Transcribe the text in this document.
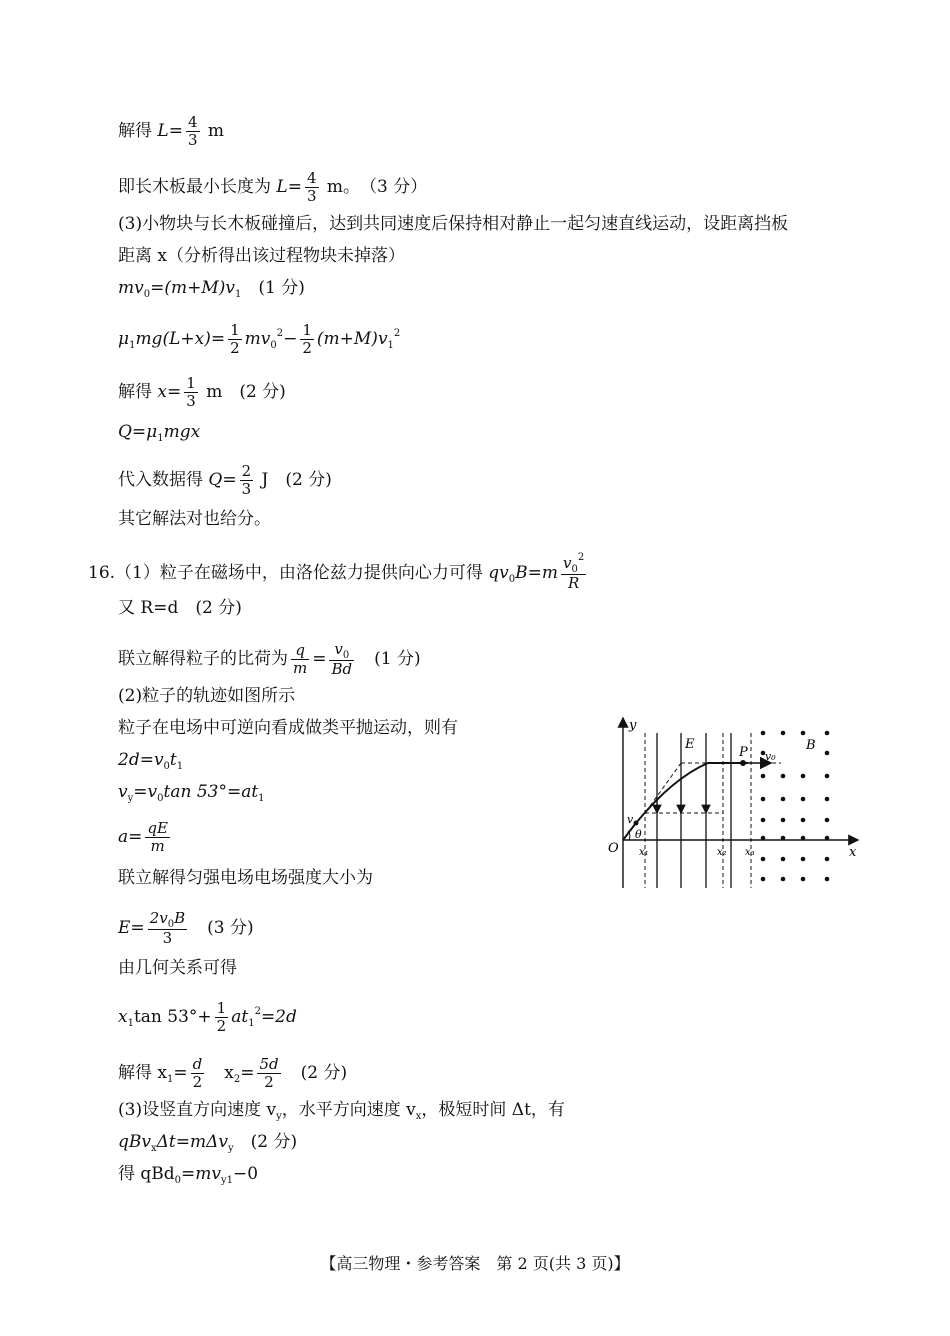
解得 $L= \frac{4}{3}$ m
即长木板最小长度为 $L= \frac{4}{3}$ m。　（3 分）
(3)小物块与长木板碰撞后，达到共同速度后保持相对静止一起匀速直线运动，设距离挡板
距离 x（分析得出该过程物块未掉落）
$mv_0=(m+M)v_1$　(1 分)
$\mu_1mg(L+x)= \frac{1}{2} mv_0^2- \frac{1}{2} (m+M)v_1^2$
解得 $x= \frac{1}{3}$ m　(2 分)
$Q=\mu_1mgx$
代入数据得 $Q= \frac{2}{3}$ J　(2 分)
其它解法对也给分。
16.（1）粒子在磁场中，由洛伦兹力提供向心力可得 $qv_0B=m \frac{v_0^2}{R}$
又 R=d　(2 分)
联立解得粒子的比荷为 $\frac{q}{m} = \frac{v_0}{Bd}$ 　(1 分)
(2)粒子的轨迹如图所示
粒子在电场中可逆向看成做类平抛运动，则有
$2d=v_0t_1$
$v_y=v_0\tan$ $53^\circ=at_1$
$a= \frac{qE}{m}$
联立解得匀强电场电场强度大小为
$E= \frac{2v_0B}{3}$ 　(3 分)
由几何关系可得
$x_1\tan$ $53^\circ+ \frac{1}{2} at_1^2=2d$
解得 $x_1= \frac{d}{2}$ 　$x_2= \frac{5d}{2}$ 　(2 分)
(3)设竖直方向速度 $v_y$，水平方向速度 $v_x$，极短时间 Δt，有
qBv$_x$Δt=mΔv$_y$　(2 分)
得 $qBd_0=mv_{y1}-0$
y
x
O
E	B
P v₀
v
θ
x₁	x₂ x₃
【高三物理・参考答案　第 2 页(共 3 页)】
